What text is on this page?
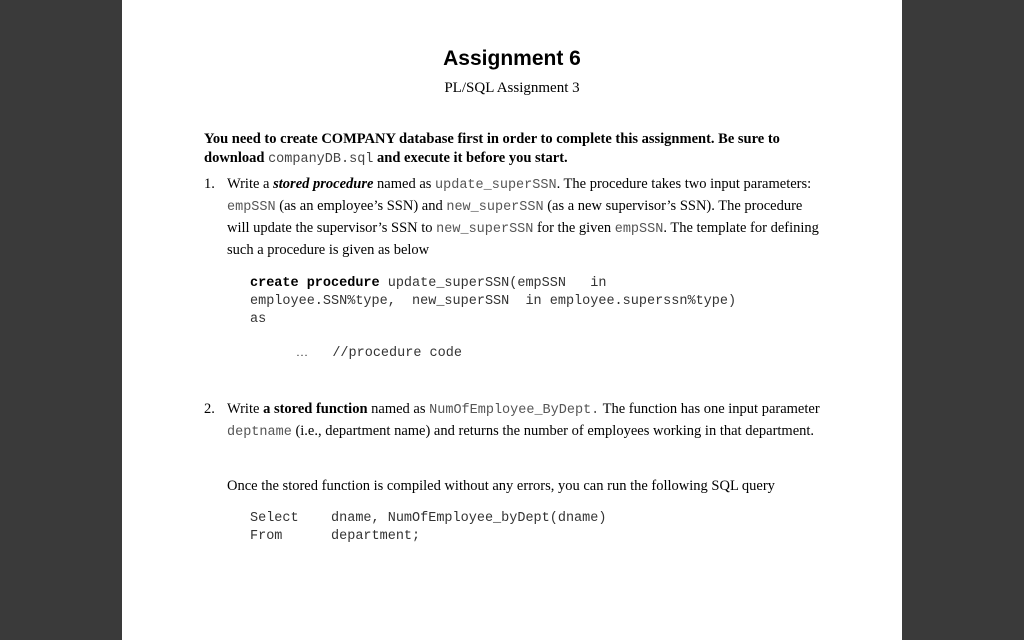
Assignment 6
PL/SQL Assignment 3
You need to create COMPANY database first in order to complete this assignment. Be sure to download companyDB.sql and execute it before you start.
1. Write a stored procedure named as update_superSSN. The procedure takes two input parameters: empSSN (as an employee’s SSN) and new_superSSN (as a new supervisor’s SSN). The procedure will update the supervisor’s SSN to new_superSSN for the given empSSN. The template for defining such a procedure is given as below
create procedure update_superSSN(empSSN   in
employee.SSN%type,  new_superSSN  in employee.superssn%type)
as
… //procedure code
2. Write a stored function named as NumOfEmployee_ByDept. The function has one input parameter deptname (i.e., department name) and returns the number of employees working in that department.
Once the stored function is compiled without any errors, you can run the following SQL query
Select dname, NumOfEmployee_byDept(dname)
From	department;
